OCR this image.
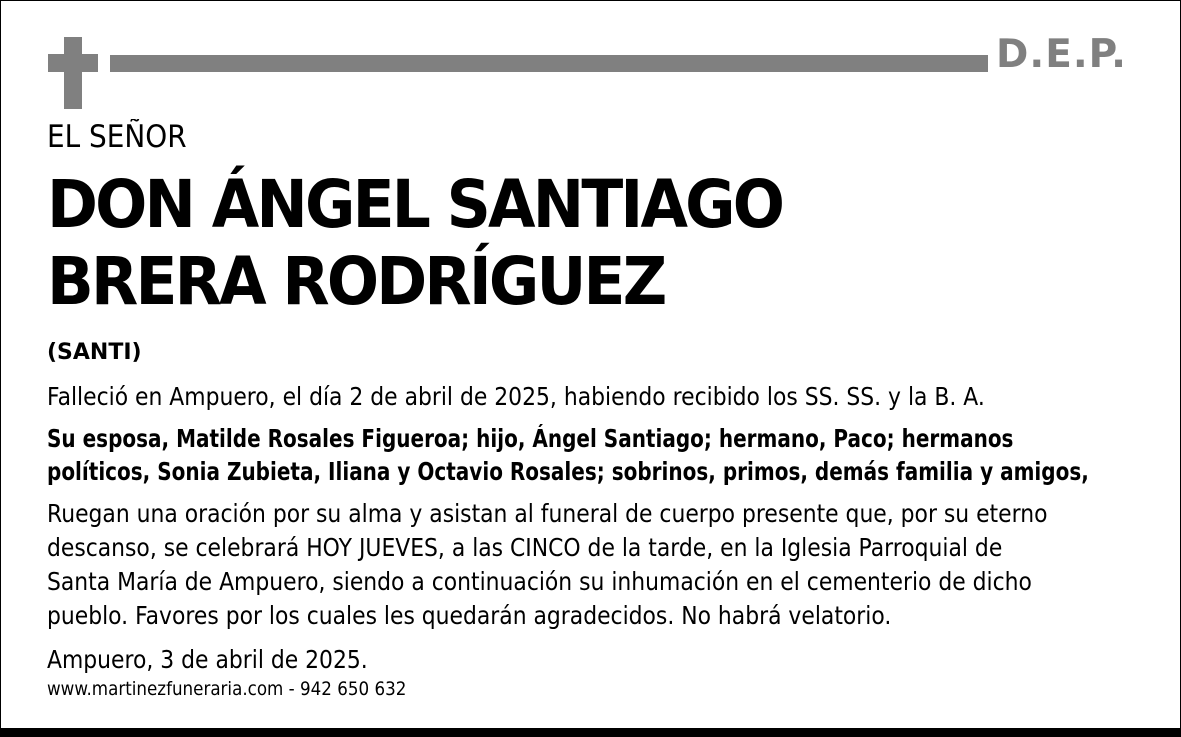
D.E.P.
EL SEÑOR
DON ÁNGEL SANTIAGO
BRERA RODRÍGUEZ
(SANTI)
Falleció en Ampuero, el día 2 de abril de 2025, habiendo recibido los SS. SS. y la B. A.
Su esposa, Matilde Rosales Figueroa; hijo, Ángel Santiago; hermano, Paco; hermanos
políticos, Sonia Zubieta, Iliana y Octavio Rosales; sobrinos, primos, demás familia y amigos,
Ruegan una oración por su alma y asistan al funeral de cuerpo presente que, por su eterno
descanso, se celebrará HOY JUEVES, a las CINCO de la tarde, en la Iglesia Parroquial de
Santa María de Ampuero, siendo a continuación su inhumación en el cementerio de dicho
pueblo. Favores por los cuales les quedarán agradecidos. No habrá velatorio.
Ampuero, 3 de abril de 2025.
www.martinezfuneraria.com - 942 650 632
